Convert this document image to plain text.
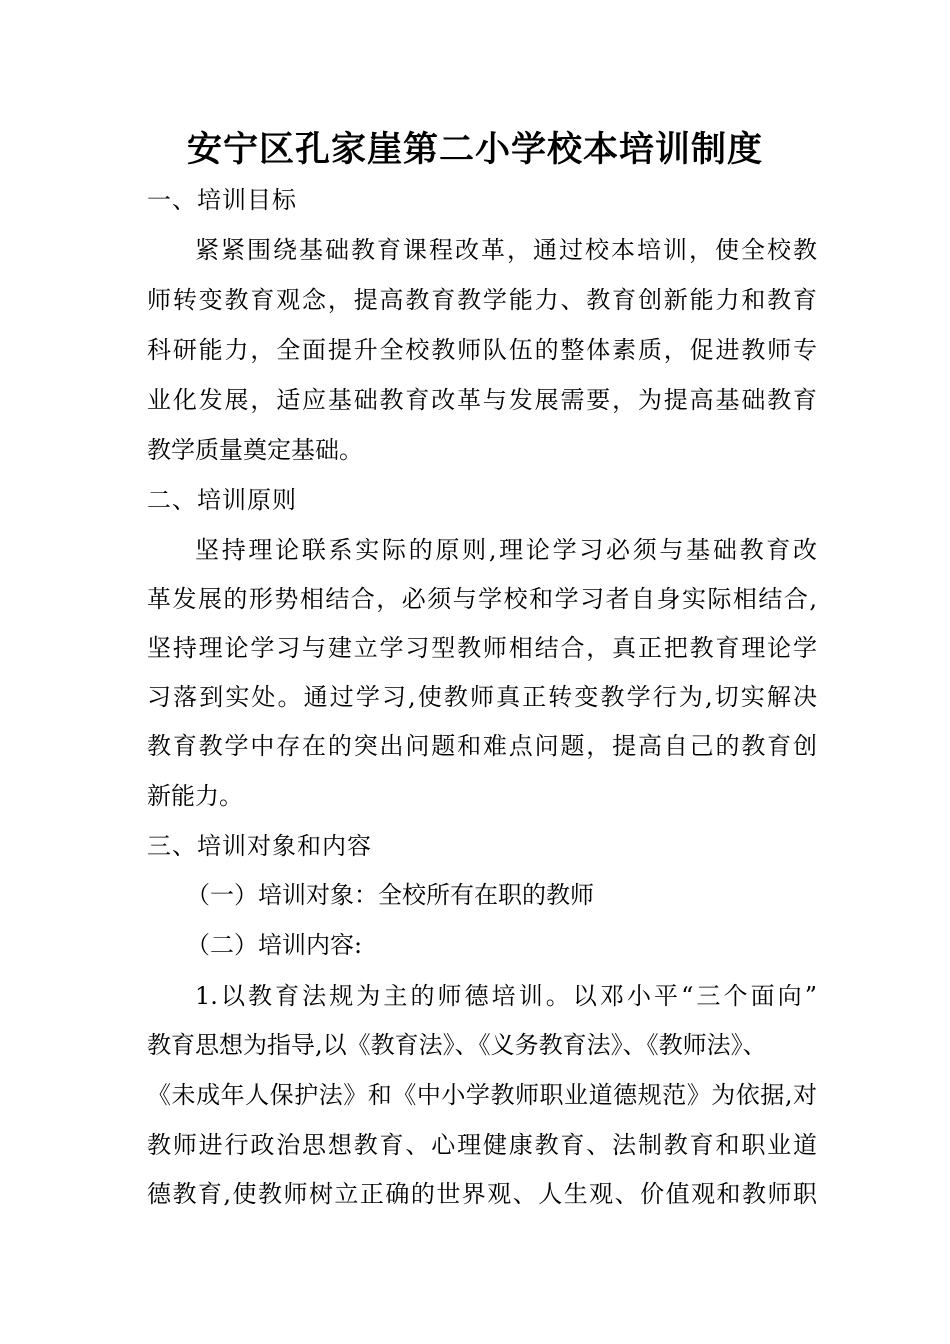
安宁区孔家崖第二小学校本培训制度
一、培训目标
紧紧围绕基础教育课程改革，通过校本培训，使全校教
师转变教育观念，提高教育教学能力、教育创新能力和教育
科研能力，全面提升全校教师队伍的整体素质，促进教师专
业化发展，适应基础教育改革与发展需要，为提高基础教育
教学质量奠定基础。
二、培训原则
坚持理论联系实际的原则,理论学习必须与基础教育改
革发展的形势相结合，必须与学校和学习者自身实际相结合,
坚持理论学习与建立学习型教师相结合，真正把教育理论学
习落到实处。通过学习,使教师真正转变教学行为,切实解决
教育教学中存在的突出问题和难点问题，提高自己的教育创
新能力。
三、培训对象和内容
（一）培训对象：全校所有在职的教师
（二）培训内容:
1.以教育法规为主的师德培训。以邓小平“三个面向”
教育思想为指导,以《教育法》、《义务教育法》、《教师法》、
《未成年人保护法》和《中小学教师职业道德规范》为依据,对
教师进行政治思想教育、心理健康教育、法制教育和职业道
德教育,使教师树立正确的世界观、人生观、价值观和教师职
